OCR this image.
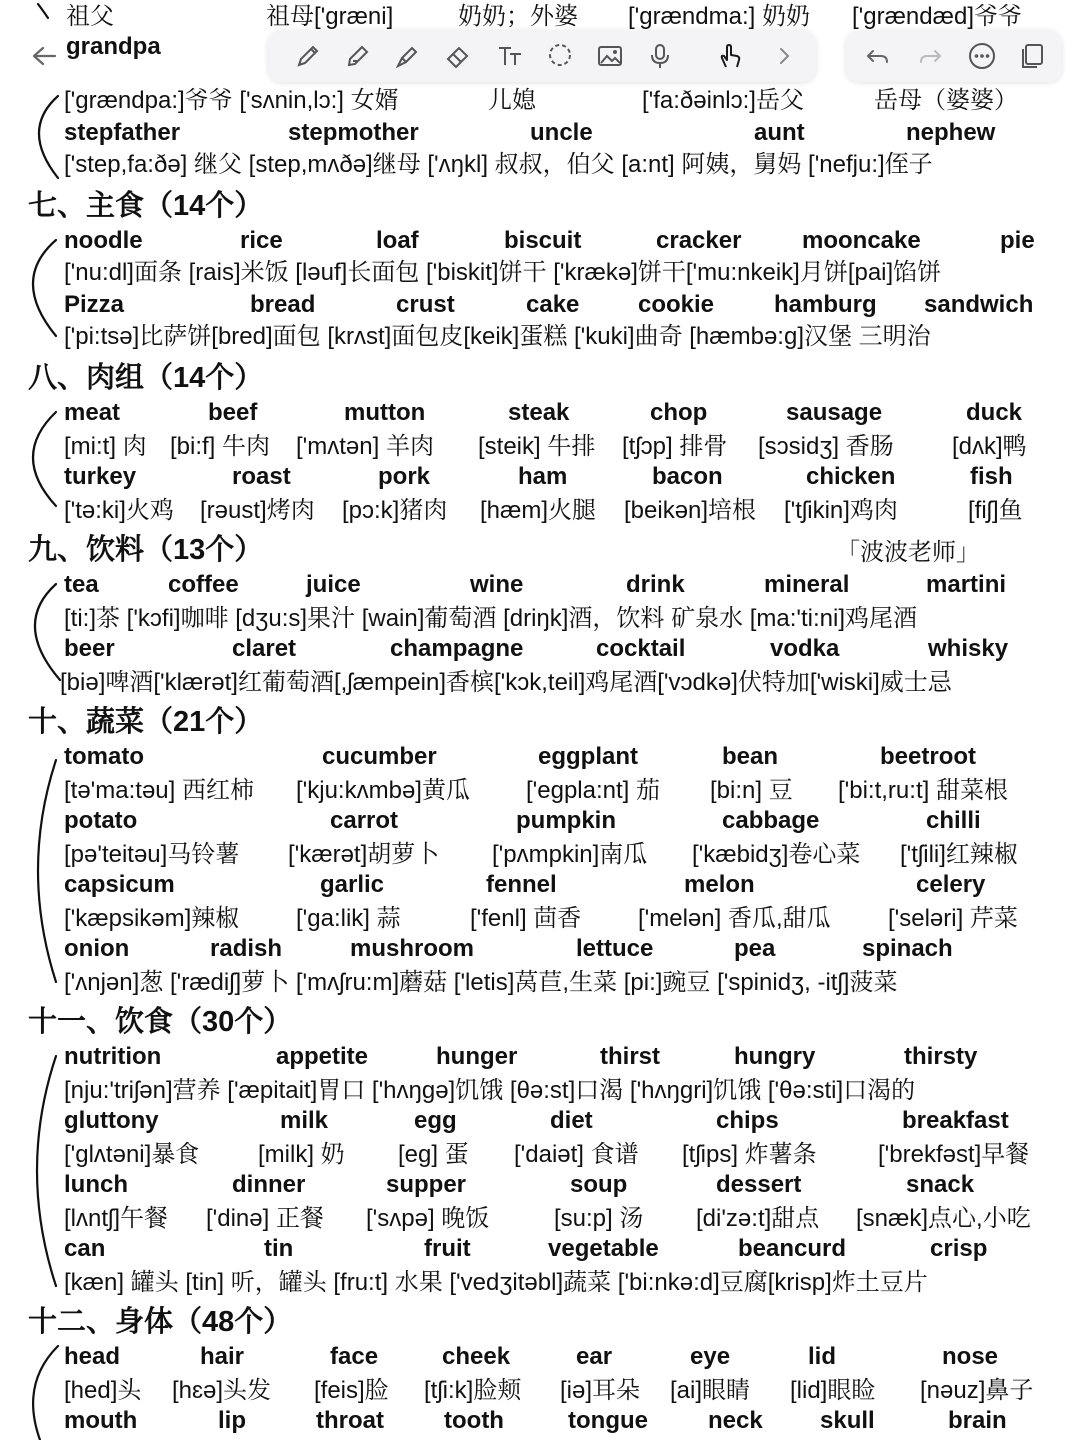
祖父	祖母['ɡræni]	奶奶；外婆 ['ɡrændma:] 奶奶 ['ɡrændæd]爷爷
grandpa
['ɡrændpa:]爷爷 ['sʌnin,lɔ:] 女婿	儿媳	['fa:ðəinlɔ:]岳父	岳母（婆婆）
stepfather	stepmother	uncle	aunt	nephew
['step,fa:ðə] 继父 [step,mʌðə]继母 ['ʌŋkl] 叔叔，伯父 [a:nt] 阿姨，舅妈 ['nefju:]侄子
七、主食（14个）
noodle	rice	loaf	biscuit	cracker	mooncake	pie
['nu:dl]面条 [rais]米饭 [ləuf]长面包 ['biskit]饼干 ['krækə]饼干['mu:nkeik]月饼[pai]馅饼
Pizza	bread	crust	cake cookie hamburg sandwich
['pi:tsə]比萨饼[bred]面包 [krʌst]面包皮[keik]蛋糕 ['kuki]曲奇 [hæmbə:ɡ]汉堡 三明治
八、肉组（14个）
meat	beef	mutton	steak	chop	sausage	duck
[mi:t] 肉 [bi:f] 牛肉 ['mʌtən] 羊肉 [steik] 牛排 [tʃɔp] 排骨 [sɔsidʒ] 香肠 [dʌk]鸭
turkey	roast	pork	ham	bacon	chicken	fish
['tə:ki]火鸡 [rəust]烤肉 [pɔ:k]猪肉 [hæm]火腿 [beikən]培根 ['tʃikin]鸡肉	[fiʃ]鱼
九、饮料（13个）	「波波老师」
tea	coffee	juice	wine	drink	mineral	martini
[ti:]茶 ['kɔfi]咖啡 [dʒu:s]果汁 [wain]葡萄酒 [driŋk]酒，饮料 矿泉水 [ma:'ti:ni]鸡尾酒
beer	claret	champagne	cocktail	vodka	whisky
[biə]啤酒['klærət]红葡萄酒[,ʃæmpein]香槟['kɔk,teil]鸡尾酒['vɔdkə]伏特加['wiski]威士忌
十、蔬菜（21个）
tomato	cucumber	eggplant	bean	beetroot
[tə'ma:təu] 西红柿 ['kju:kʌmbə]黄瓜 ['egpla:nt] 茄 [bi:n] 豆 ['bi:t,ru:t] 甜菜根
potato	carrot	pumpkin	cabbage	chilli
[pə'teitəu]马铃薯 ['kærət]胡萝卜 ['pʌmpkin]南瓜 ['kæbidʒ]卷心菜 ['tʃili]红辣椒
capsicum	garlic	fennel	melon	celery
['kæpsikəm]辣椒 ['ga:lik] 蒜	['fenl] 茴香 ['melən] 香瓜,甜瓜 ['seləri] 芹菜
onion	radish	mushroom	lettuce	pea	spinach
['ʌnjən]葱 ['rædiʃ]萝卜 ['mʌʃru:m]蘑菇 ['letis]莴苣,生菜 [pi:]豌豆 ['spinidʒ, -itʃ]菠菜
十一、饮食（30个）
nutrition	appetite	hunger	thirst	hungry	thirsty
[nju:'triʃən]营养 ['æpitait]胃口 ['hʌŋgə]饥饿 [θə:st]口渴 ['hʌŋgri]饥饿 ['θə:sti]口渴的
gluttony	milk	egg	diet	chips	breakfast
['glʌtəni]暴食 [milk] 奶 [eg] 蛋 ['daiət] 食谱 [tʃips] 炸薯条	['brekfəst]早餐
lunch	dinner	supper	soup	dessert	snack
[lʌntʃ]午餐 ['dinə] 正餐 ['sʌpə] 晚饭	[su:p] 汤 [di'zə:t]甜点 [snæk]点心,小吃
can	tin	fruit	vegetable	beancurd	crisp
[kæn] 罐头 [tin] 听，罐头 [fru:t] 水果 ['vedʒitəbl]蔬菜 ['bi:nkə:d]豆腐[krisp]炸土豆片
十二、身体（48个）
head	hair	face	cheek	ear	eye	lid	nose
[hed]头 [hɛə]头发 [feis]脸 [tʃi:k]脸颊 [iə]耳朵 [ai]眼睛 [lid]眼睑 [nəuz]鼻子
mouth	lip	throat	tooth	tongue	neck skull	brain
